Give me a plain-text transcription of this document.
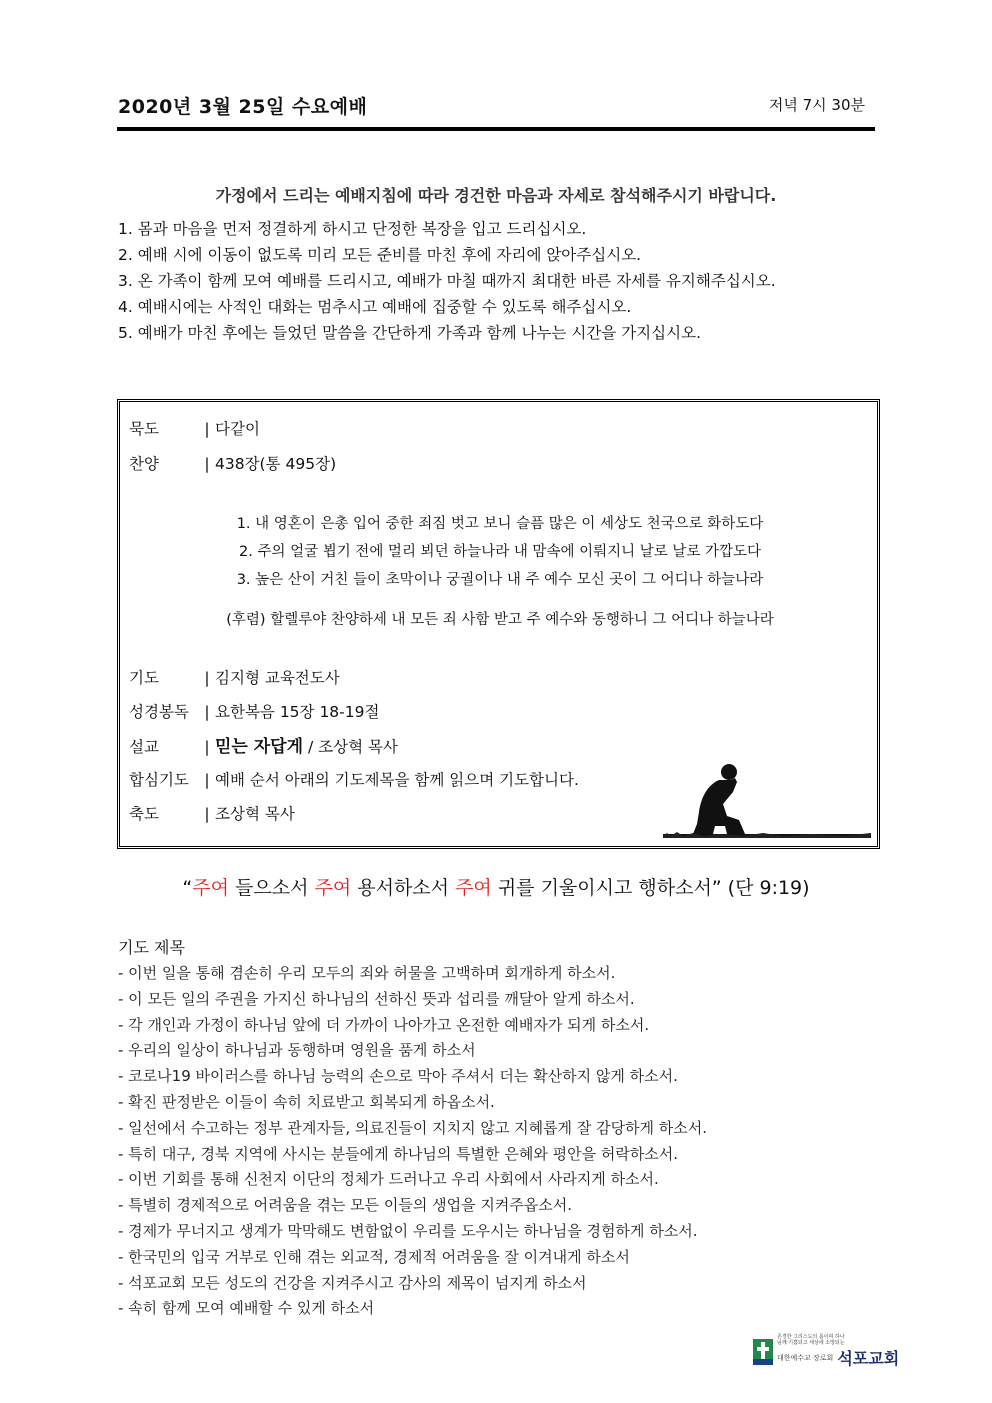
2020년 3월 25일 수요예배	저녁 7시 30분
가정에서 드리는 예배지침에 따라 경건한 마음과 자세로 참석해주시기 바랍니다.
1. 몸과 마음을 먼저 정결하게 하시고 단정한 복장을 입고 드리십시오.
2. 예배 시에 이동이 없도록 미리 모든 준비를 마친 후에 자리에 앉아주십시오.
3. 온 가족이 함께 모여 예배를 드리시고, 예배가 마칠 때까지 최대한 바른 자세를 유지해주십시오.
4. 예배시에는 사적인 대화는 멈추시고 예배에 집중할 수 있도록 해주십시오.
5. 예배가 마친 후에는 들었던 말씀을 간단하게 가족과 함께 나누는 시간을 가지십시오.
묵도	| 다같이
찬양	| 438장(통 495장)
1. 내 영혼이 은총 입어 중한 죄짐 벗고 보니 슬픔 많은 이 세상도 천국으로 화하도다
2. 주의 얼굴 뵙기 전에 멀리 뵈던 하늘나라 내 맘속에 이뤄지니 날로 날로 가깝도다
3. 높은 산이 거친 들이 초막이나 궁궐이나 내 주 예수 모신 곳이 그 어디나 하늘나라
(후렴) 할렐루야 찬양하세 내 모든 죄 사함 받고 주 예수와 동행하니 그 어디나 하늘나라
기도	| 김지형 교육전도사
성경봉독 | 요한복음 15장 18-19절
설교	| 믿는 자답게 / 조상혁 목사
합심기도 | 예배 순서 아래의 기도제목을 함께 읽으며 기도합니다.
축도	| 조상혁 목사
“주여 들으소서 주여 용서하소서 주여 귀를 기울이시고 행하소서” (단 9:19)
기도 제목
- 이번 일을 통해 겸손히 우리 모두의 죄와 허물을 고백하며 회개하게 하소서.
- 이 모든 일의 주권을 가지신 하나님의 선하신 뜻과 섭리를 깨달아 알게 하소서.
- 각 개인과 가정이 하나님 앞에 더 가까이 나아가고 온전한 예배자가 되게 하소서.
- 우리의 일상이 하나님과 동행하며 영원을 품게 하소서
- 코로나19 바이러스를 하나님 능력의 손으로 막아 주셔서 더는 확산하지 않게 하소서.
- 확진 판정받은 이들이 속히 치료받고 회복되게 하옵소서.
- 일선에서 수고하는 정부 관계자들, 의료진들이 지치지 않고 지혜롭게 잘 감당하게 하소서.
- 특히 대구, 경북 지역에 사시는 분들에게 하나님의 특별한 은혜와 평안을 허락하소서.
- 이번 기회를 통해 신천지 이단의 정체가 드러나고 우리 사회에서 사라지게 하소서.
- 특별히 경제적으로 어려움을 겪는 모든 이들의 생업을 지켜주옵소서.
- 경제가 무너지고 생계가 막막해도 변함없이 우리를 도우시는 하나님을 경험하게 하소서.
- 한국민의 입국 거부로 인해 겪는 외교적, 경제적 어려움을 잘 이겨내게 하소서
- 석포교회 모든 성도의 건강을 지켜주시고 감사의 제목이 넘지게 하소서
- 속히 함께 모여 예배할 수 있게 하소서
존경한 그리스도의 몸이며 하나님께 기쁨되고 세상에 소망되는
대한예수교 장로회 석포교회
